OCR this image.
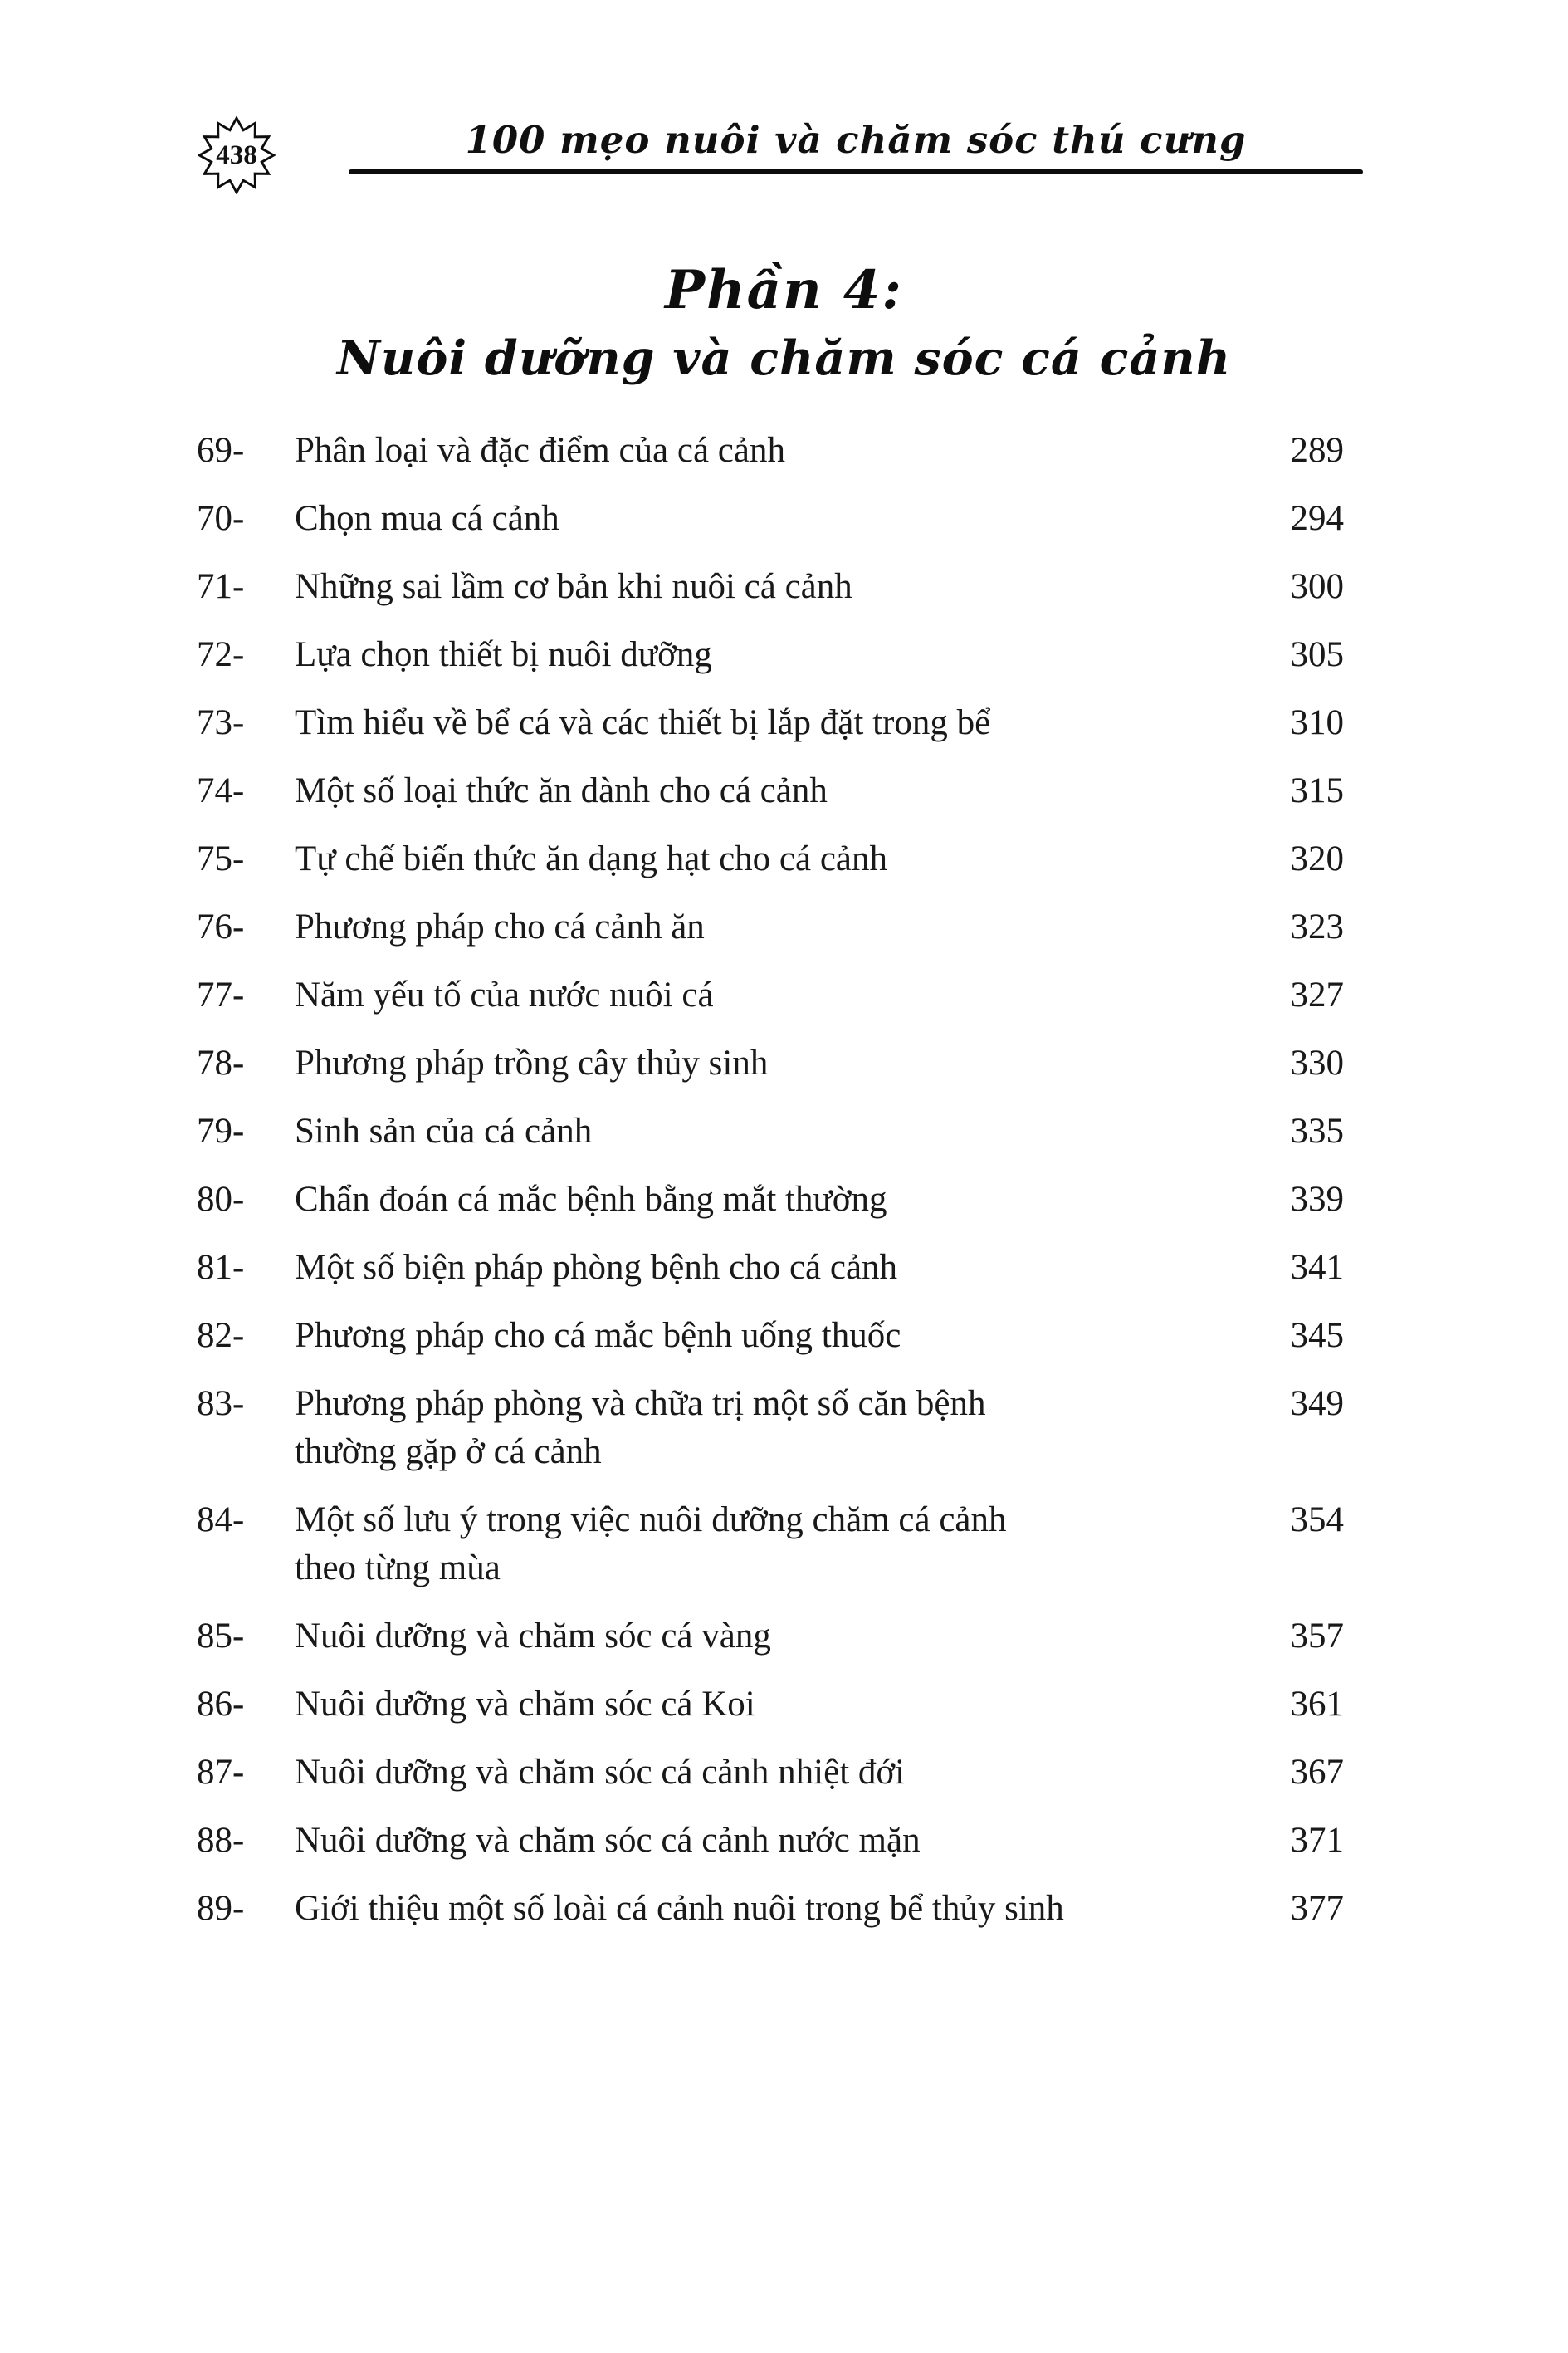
438	100 mẹo nuôi và chăm sóc thú cưng
Phần 4:
Nuôi dưỡng và chăm sóc cá cảnh
69-	Phân loại và đặc điểm của cá cảnh	289
70-	Chọn mua cá cảnh	294
71-	Những sai lầm cơ bản khi nuôi cá cảnh	300
72-	Lựa chọn thiết bị nuôi dưỡng	305
73-	Tìm hiểu về bể cá và các thiết bị lắp đặt trong bể	310
74-	Một số loại thức ăn dành cho cá cảnh	315
75-	Tự chế biến thức ăn dạng hạt cho cá cảnh	320
76-	Phương pháp cho cá cảnh ăn	323
77-	Năm yếu tố của nước nuôi cá	327
78-	Phương pháp trồng cây thủy sinh	330
79-	Sinh sản của cá cảnh	335
80-	Chẩn đoán cá mắc bệnh bằng mắt thường	339
81-	Một số biện pháp phòng bệnh cho cá cảnh	341
82-	Phương pháp cho cá mắc bệnh uống thuốc	345
83-	Phương pháp phòng và chữa trị một số căn bệnh
thường gặp ở cá cảnh
349
84-	Một số lưu ý trong việc nuôi dưỡng chăm cá cảnh
theo từng mùa
354
85-	Nuôi dưỡng và chăm sóc cá vàng	357
86-	Nuôi dưỡng và chăm sóc cá Koi	361
87-	Nuôi dưỡng và chăm sóc cá cảnh nhiệt đới	367
88-	Nuôi dưỡng và chăm sóc cá cảnh nước mặn	371
89-	Giới thiệu một số loài cá cảnh nuôi trong bể thủy sinh	377
